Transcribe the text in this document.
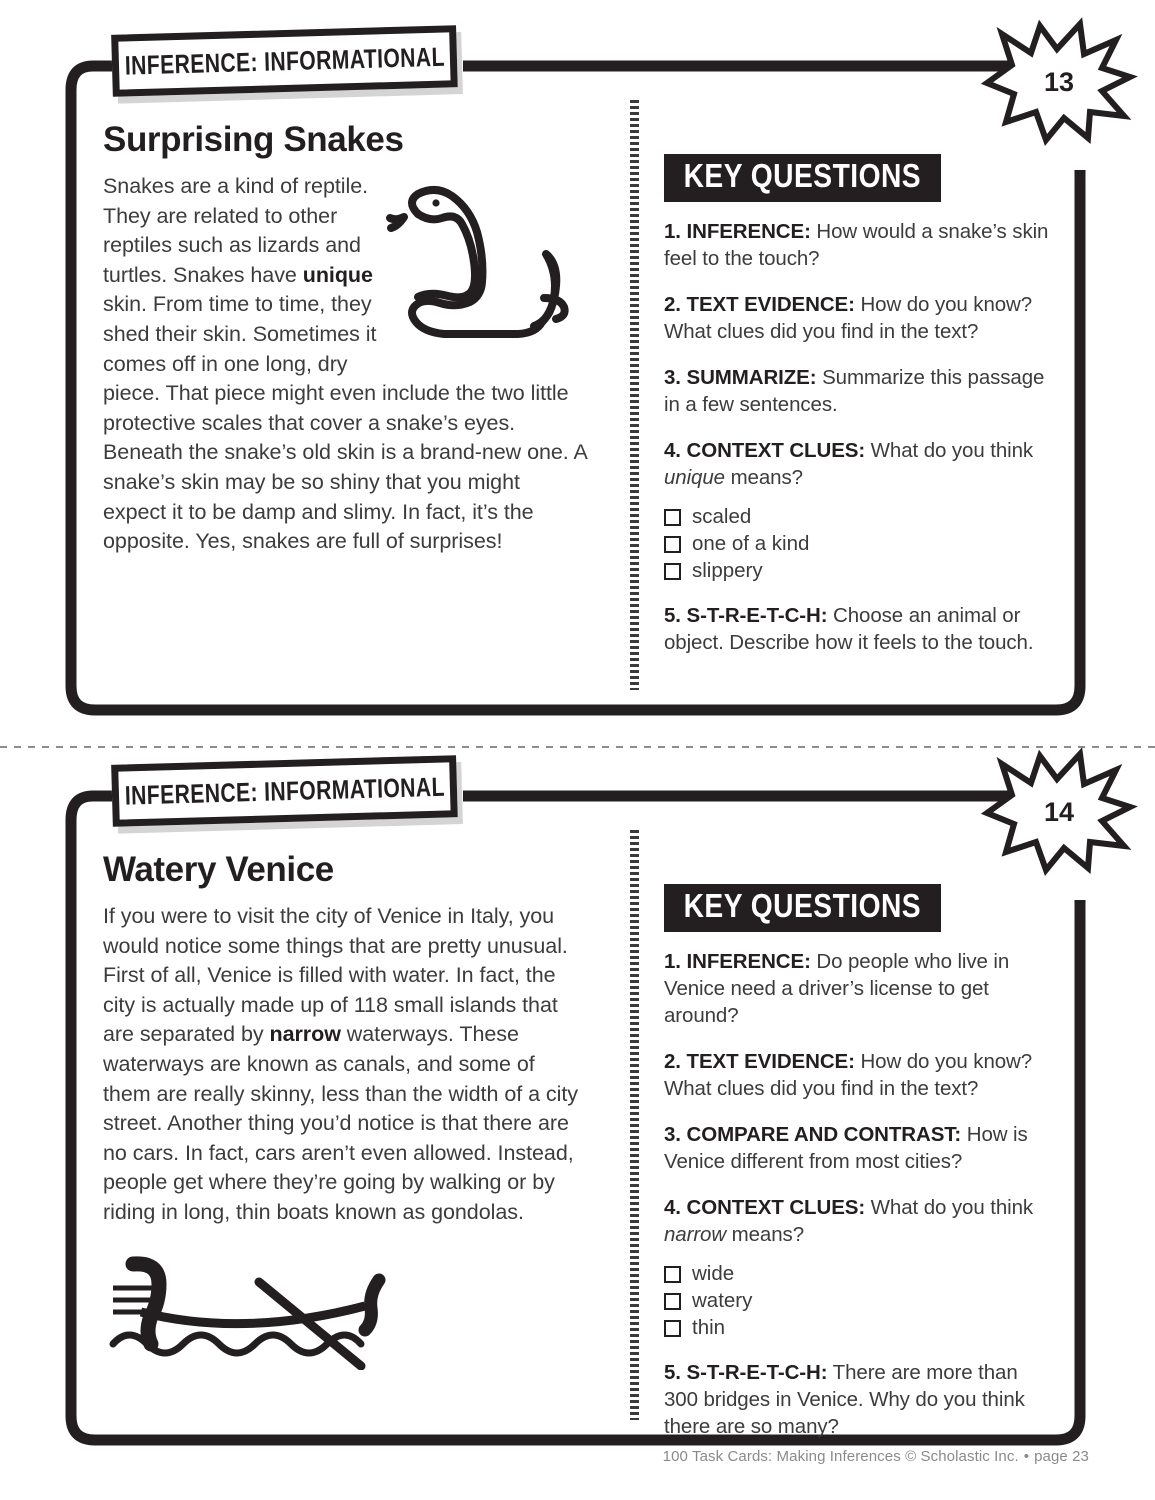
INFERENCE: INFORMATIONAL
13
Surprising Snakes
Snakes are a kind of reptile. They are related to other reptiles such as lizards and turtles. Snakes have unique skin. From time to time, they shed their skin. Sometimes it comes off in one long, dry piece. That piece might even include the two little protective scales that cover a snake’s eyes. Beneath the snake’s old skin is a brand-new one. A snake’s skin may be so shiny that you might expect it to be damp and slimy. In fact, it’s the opposite. Yes, snakes are full of surprises!
KEY QUESTIONS
1. INFERENCE: How would a snake’s skin feel to the touch?
2. TEXT EVIDENCE: How do you know? What clues did you find in the text?
3. SUMMARIZE: Summarize this passage in a few sentences.
4. CONTEXT CLUES: What do you think unique means?
scaled
one of a kind
slippery
5. S-T-R-E-T-C-H: Choose an animal or object. Describe how it feels to the touch.
INFERENCE: INFORMATIONAL
14
Watery Venice
If you were to visit the city of Venice in Italy, you would notice some things that are pretty unusual. First of all, Venice is filled with water. In fact, the city is actually made up of 118 small islands that are separated by narrow waterways. These waterways are known as canals, and some of them are really skinny, less than the width of a city street. Another thing you’d notice is that there are no cars. In fact, cars aren’t even allowed. Instead, people get where they’re going by walking or by riding in long, thin boats known as gondolas.
KEY QUESTIONS
1. INFERENCE: Do people who live in Venice need a driver’s license to get around?
2. TEXT EVIDENCE: How do you know? What clues did you find in the text?
3. COMPARE AND CONTRAST: How is Venice different from most cities?
4. CONTEXT CLUES: What do you think narrow means?
wide
watery
thin
5. S-T-R-E-T-C-H: There are more than 300 bridges in Venice. Why do you think there are so many?
100 Task Cards: Making Inferences © Scholastic Inc. • page 23
